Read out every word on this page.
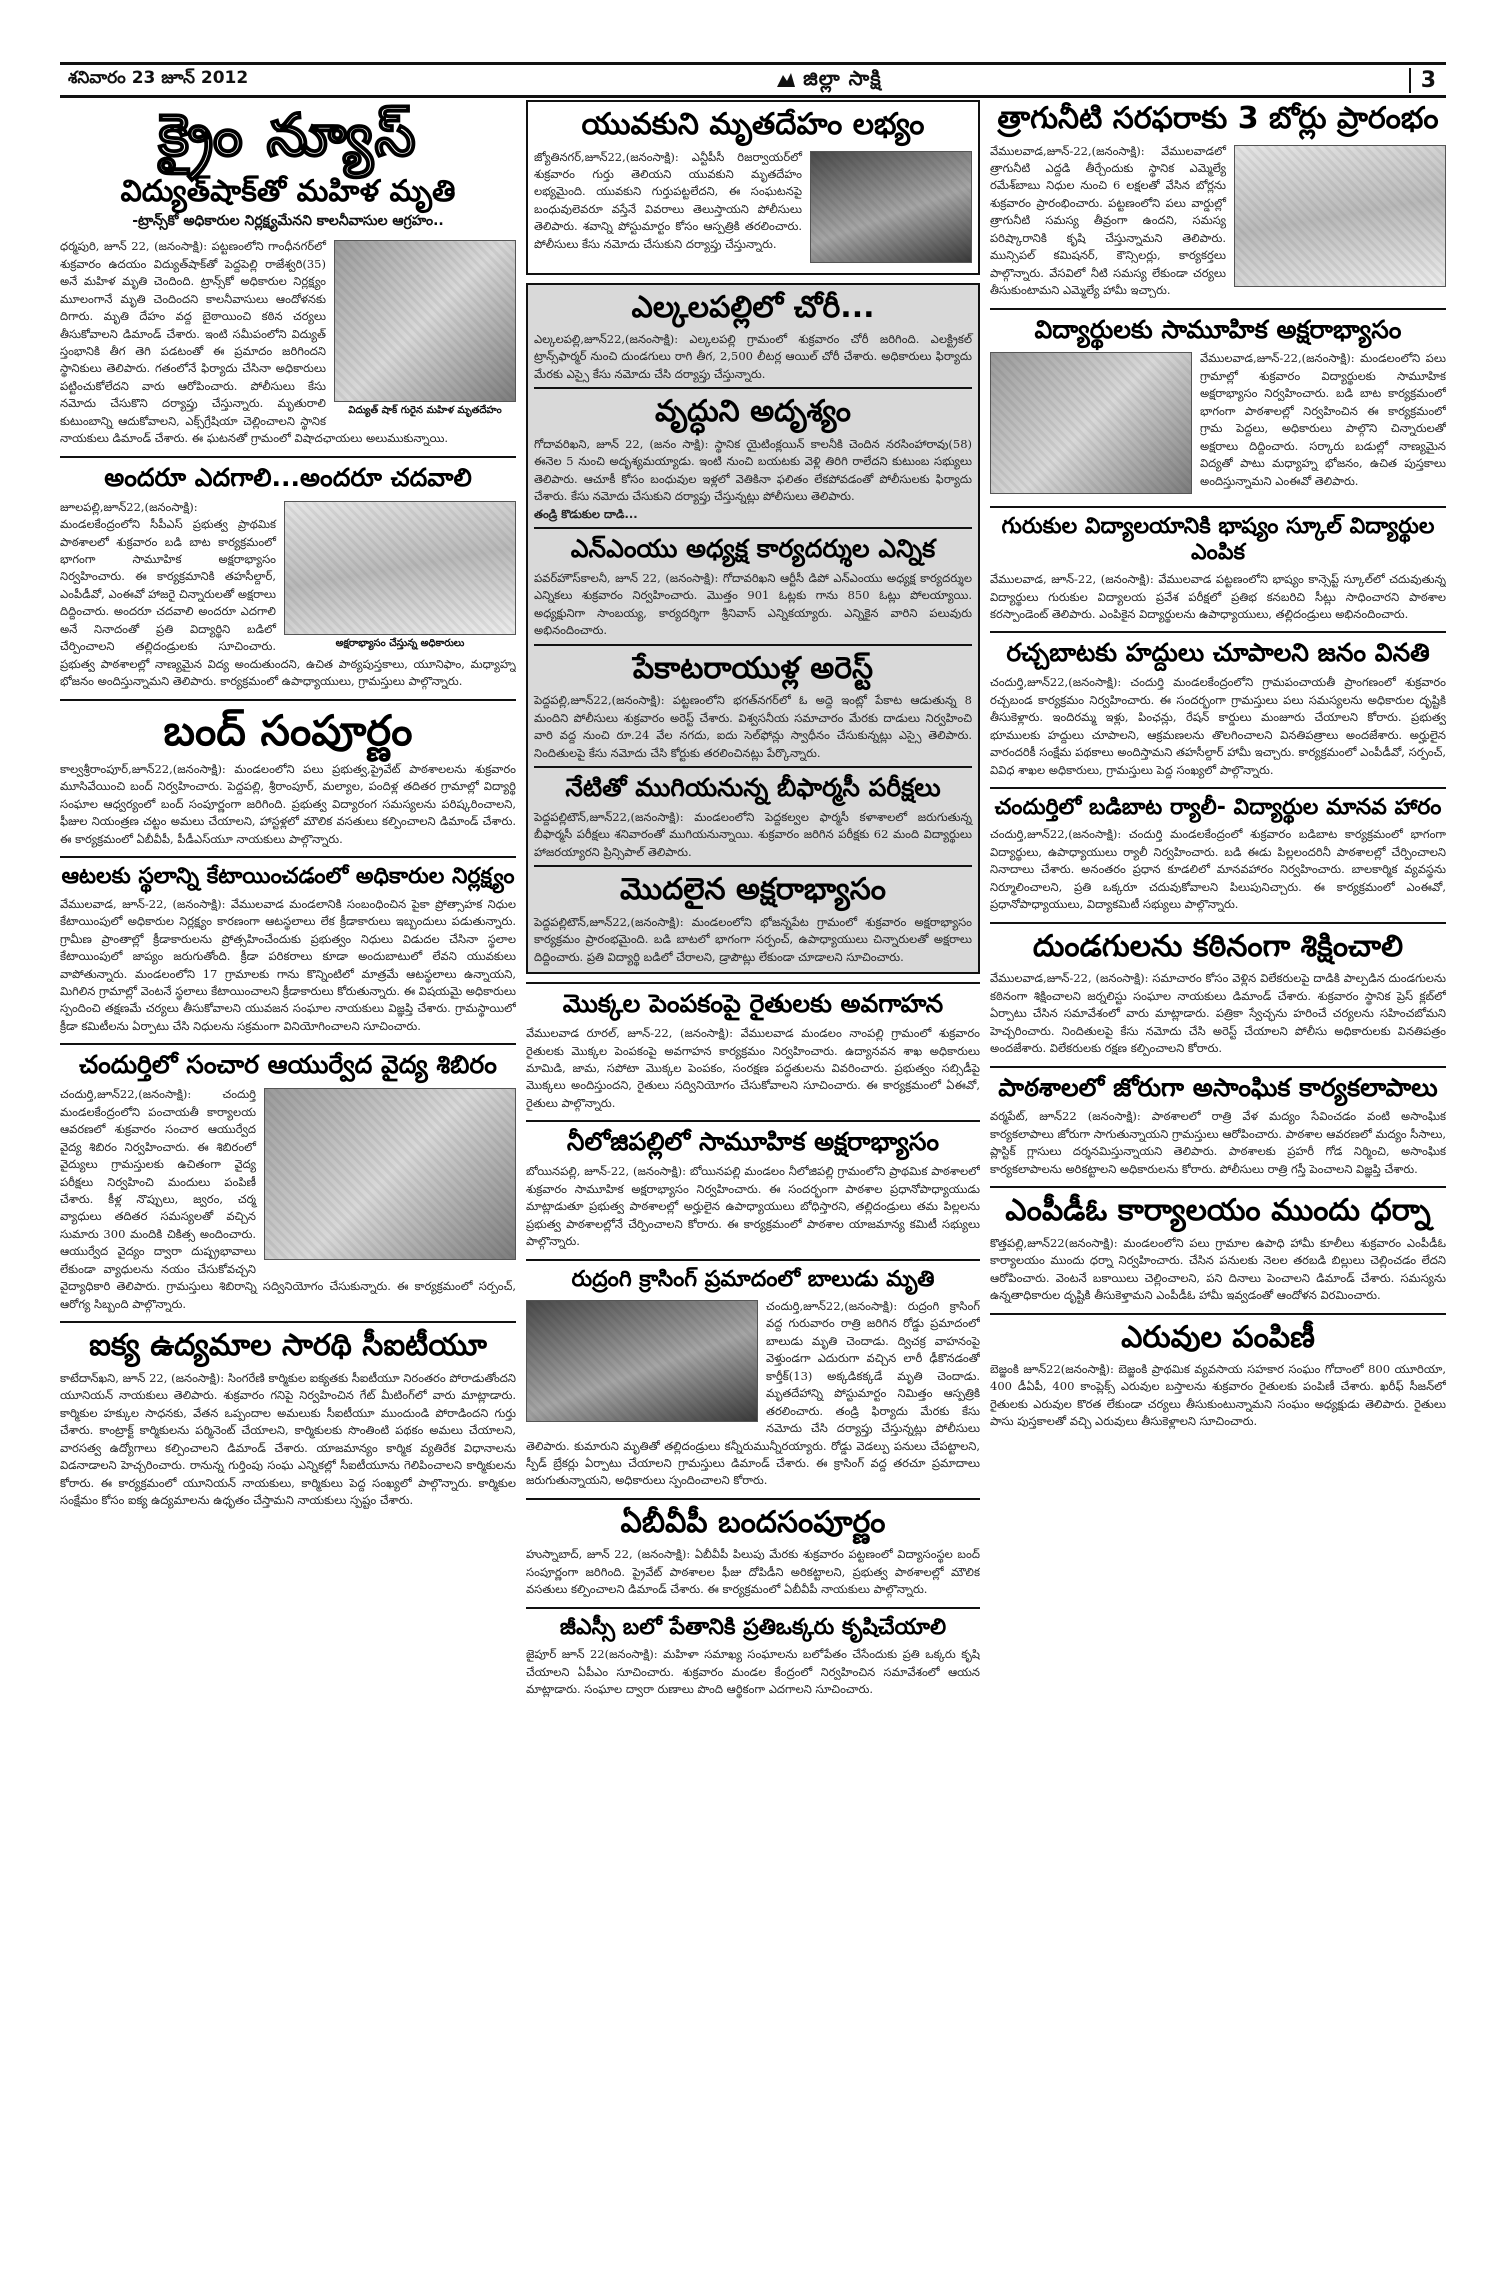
శనివారం 23 జూన్ 2012	జిల్లా సాక్షి	3
క్రైం న్యూస్
విద్యుత్‌షాక్‌తో మహిళ మృతి
-ట్రాన్స్‌కో అధికారుల నిర్లక్ష్యమేనని కాలనీవాసుల ఆగ్రహం..
విద్యుత్ షాక్ గురైన మహిళ మృతదేహం

ధర్మపురి, జూన్ 22, (జనంసాక్షి): పట్టణంలోని గాంధీనగర్‌లో శుక్రవారం ఉదయం విద్యుత్‌షాక్‌తో పెద్దపెల్లి రాజేశ్వరి(35) అనే మహిళ మృతి చెందింది. ట్రాన్స్‌కో అధికారుల నిర్లక్ష్యం మూలంగానే మృతి చెందిందని కాలనీవాసులు ఆందోళనకు దిగారు. మృతి దేహం వద్ద బైఠాయించి కఠిన చర్యలు తీసుకోవాలని డిమాండ్ చేశారు. ఇంటి సమీపంలోని విద్యుత్ స్తంభానికి తీగ తెగి పడటంతో ఈ ప్రమాదం జరిగిందని స్థానికులు తెలిపారు. గతంలోనే ఫిర్యాదు చేసినా అధికారులు పట్టించుకోలేదని వారు ఆరోపించారు. పోలీసులు కేసు నమోదు చేసుకొని దర్యాప్తు చేస్తున్నారు. మృతురాలి కుటుంబాన్ని ఆదుకోవాలని, ఎక్స్‌గ్రేషియా చెల్లించాలని స్థానిక నాయకులు డిమాండ్ చేశారు. ఈ ఘటనతో గ్రామంలో విషాదఛాయలు అలుముకున్నాయి.

అందరూ ఎదగాలి...అందరూ చదవాలి
అక్షరాభ్యాసం చేస్తున్న అధికారులు

జూలపల్లి,జూన్22,(జనంసాక్షి): మండలకేంద్రంలోని సీపీఎస్ ప్రభుత్వ ప్రాథమిక పాఠశాలలో శుక్రవారం బడి బాట కార్యక్రమంలో భాగంగా సామూహిక అక్షరాభ్యాసం నిర్వహించారు. ఈ కార్యక్రమానికి తహసీల్దార్, ఎంపీడీవో, ఎంఈవో హాజరై చిన్నారులతో అక్షరాలు దిద్దించారు. అందరూ చదవాలి అందరూ ఎదగాలి అనే నినాదంతో ప్రతి విద్యార్థిని బడిలో చేర్పించాలని తల్లిదండ్రులకు సూచించారు. ప్రభుత్వ పాఠశాలల్లో నాణ్యమైన విద్య అందుతుందని, ఉచిత పాఠ్యపుస్తకాలు, యూనిఫాం, మధ్యాహ్న భోజనం అందిస్తున్నామని తెలిపారు. కార్యక్రమంలో ఉపాధ్యాయులు, గ్రామస్తులు పాల్గొన్నారు.

బంద్ సంపూర్ణం

కాల్వశ్రీరాంపూర్,జూన్22,(జనంసాక్షి): మండలంలోని పలు ప్రభుత్వ,ప్రైవేట్ పాఠశాలలను శుక్రవారం మూసివేయించి బంద్ నిర్వహించారు. పెద్దపల్లి, శ్రీరాంపూర్, మల్యాల, పందిళ్ల తదితర గ్రామాల్లో విద్యార్థి సంఘాల ఆధ్వర్యంలో బంద్ సంపూర్ణంగా జరిగింది. ప్రభుత్వ విద్యారంగ సమస్యలను పరిష్కరించాలని, ఫీజుల నియంత్రణ చట్టం అమలు చేయాలని, హాస్టళ్లలో మౌలిక వసతులు కల్పించాలని డిమాండ్ చేశారు. ఈ కార్యక్రమంలో ఏబీవీపీ, పీడీఎస్‌యూ నాయకులు పాల్గొన్నారు.

ఆటలకు స్థలాన్ని కేటాయించడంలో అధికారుల నిర్లక్ష్యం

వేములవాడ, జూన్-22, (జనంసాక్షి): వేములవాడ మండలానికి సంబంధించిన పైకా ప్రోత్సాహక నిధుల కేటాయింపులో అధికారుల నిర్లక్ష్యం కారణంగా ఆటస్థలాలు లేక క్రీడాకారులు ఇబ్బందులు పడుతున్నారు. గ్రామీణ ప్రాంతాల్లో క్రీడాకారులను ప్రోత్సహించేందుకు ప్రభుత్వం నిధులు విడుదల చేసినా స్థలాల కేటాయింపులో జాప్యం జరుగుతోంది. క్రీడా పరికరాలు కూడా అందుబాటులో లేవని యువకులు వాపోతున్నారు. మండలంలోని 17 గ్రామాలకు గాను కొన్నింటిలో మాత్రమే ఆటస్థలాలు ఉన్నాయని, మిగిలిన గ్రామాల్లో వెంటనే స్థలాలు కేటాయించాలని క్రీడాకారులు కోరుతున్నారు. ఈ విషయమై అధికారులు స్పందించి తక్షణమే చర్యలు తీసుకోవాలని యువజన సంఘాల నాయకులు విజ్ఞప్తి చేశారు. గ్రామస్థాయిలో క్రీడా కమిటీలను ఏర్పాటు చేసి నిధులను సక్రమంగా వినియోగించాలని సూచించారు.

చందుర్తిలో సంచార ఆయుర్వేద వైద్య శిబిరం

చందుర్తి,జూన్22,(జనంసాక్షి): చందుర్తి మండలకేంద్రంలోని పంచాయతీ కార్యాలయ ఆవరణలో శుక్రవారం సంచార ఆయుర్వేద వైద్య శిబిరం నిర్వహించారు. ఈ శిబిరంలో వైద్యులు గ్రామస్తులకు ఉచితంగా వైద్య పరీక్షలు నిర్వహించి మందులు పంపిణీ చేశారు. కీళ్ల నొప్పులు, జ్వరం, చర్మ వ్యాధులు తదితర సమస్యలతో వచ్చిన సుమారు 300 మందికి చికిత్స అందించారు. ఆయుర్వేద వైద్యం ద్వారా దుష్ప్రభావాలు లేకుండా వ్యాధులను నయం చేసుకోవచ్చని వైద్యాధికారి తెలిపారు. గ్రామస్తులు శిబిరాన్ని సద్వినియోగం చేసుకున్నారు. ఈ కార్యక్రమంలో సర్పంచ్, ఆరోగ్య సిబ్బంది పాల్గొన్నారు.

ఐక్య ఉద్యమాల సారథి సీఐటీయూ

కాటేదాన్‌ఖని, జూన్ 22, (జనంసాక్షి): సింగరేణి కార్మికుల ఐక్యతకు సీఐటీయూ నిరంతరం పోరాడుతోందని యూనియన్ నాయకులు తెలిపారు. శుక్రవారం గనిపై నిర్వహించిన గేట్ మీటింగ్‌లో వారు మాట్లాడారు. కార్మికుల హక్కుల సాధనకు, వేతన ఒప్పందాల అమలుకు సీఐటీయూ ముందుండి పోరాడిందని గుర్తు చేశారు. కాంట్రాక్ట్ కార్మికులను పర్మినెంట్ చేయాలని, కార్మికులకు సొంతింటి పథకం అమలు చేయాలని, వారసత్వ ఉద్యోగాలు కల్పించాలని డిమాండ్ చేశారు. యాజమాన్యం కార్మిక వ్యతిరేక విధానాలను విడనాడాలని హెచ్చరించారు. రానున్న గుర్తింపు సంఘ ఎన్నికల్లో సీఐటీయూను గెలిపించాలని కార్మికులను కోరారు. ఈ కార్యక్రమంలో యూనియన్ నాయకులు, కార్మికులు పెద్ద సంఖ్యలో పాల్గొన్నారు. కార్మికుల సంక్షేమం కోసం ఐక్య ఉద్యమాలను ఉధృతం చేస్తామని నాయకులు స్పష్టం చేశారు.

యువకుని మృతదేహం లభ్యం

జ్యోతినగర్,జూన్22,(జనంసాక్షి): ఎన్టీపీసీ రిజర్వాయర్‌లో శుక్రవారం గుర్తు తెలియని యువకుని మృతదేహం లభ్యమైంది. యువకుని గుర్తుపట్టలేదని, ఈ సంఘటనపై బంధువులెవరూ వస్తేనే వివరాలు తెలుస్తాయని పోలీసులు తెలిపారు. శవాన్ని పోస్టుమార్టం కోసం ఆస్పత్రికి తరలించారు. పోలీసులు కేసు నమోదు చేసుకుని దర్యాప్తు చేస్తున్నారు.

ఎల్కలపల్లిలో చోరీ...

ఎల్కలపల్లి,జూన్22,(జనంసాక్షి): ఎల్కలపల్లి గ్రామంలో శుక్రవారం చోరీ జరిగింది. ఎలక్ట్రికల్ ట్రాన్స్‌ఫార్మర్ నుంచి దుండగులు రాగి తీగ, 2,500 లీటర్ల ఆయిల్ చోరీ చేశారు. అధికారులు ఫిర్యాదు మేరకు ఎస్సై కేసు నమోదు చేసి దర్యాప్తు చేస్తున్నారు.

వృద్ధుని అదృశ్యం

గోదావరిఖని, జూన్ 22, (జనం సాక్షి): స్థానిక యైటింక్లయిన్ కాలనీకి చెందిన నరసింహారావు(58) ఈనెల 5 నుంచి అదృశ్యమయ్యాడు. ఇంటి నుంచి బయటకు వెళ్లి తిరిగి రాలేదని కుటుంబ సభ్యులు తెలిపారు. ఆచూకీ కోసం బంధువుల ఇళ్లలో వెతికినా ఫలితం లేకపోవడంతో పోలీసులకు ఫిర్యాదు చేశారు. కేసు నమోదు చేసుకుని దర్యాప్తు చేస్తున్నట్లు పోలీసులు తెలిపారు.

తండ్రి కొడుకుల దాడి...

ఎన్ఎంయు అధ్యక్ష కార్యదర్శుల ఎన్నిక

పవర్‌హౌస్‌కాలనీ, జూన్ 22, (జనంసాక్షి): గోదావరిఖని ఆర్టీసీ డిపో ఎన్ఎంయు అధ్యక్ష కార్యదర్శుల ఎన్నికలు శుక్రవారం నిర్వహించారు. మొత్తం 901 ఓట్లకు గాను 850 ఓట్లు పోలయ్యాయి. అధ్యక్షునిగా సాంబయ్య, కార్యదర్శిగా శ్రీనివాస్ ఎన్నికయ్యారు. ఎన్నికైన వారిని పలువురు అభినందించారు.

పేకాటరాయుళ్ల అరెస్ట్

పెద్దపల్లి,జూన్22,(జనంసాక్షి): పట్టణంలోని భగత్‌నగర్‌లో ఓ అద్దె ఇంట్లో పేకాట ఆడుతున్న 8 మందిని పోలీసులు శుక్రవారం అరెస్ట్ చేశారు. విశ్వసనీయ సమాచారం మేరకు దాడులు నిర్వహించి వారి వద్ద నుంచి రూ.24 వేల నగదు, ఐదు సెల్‌ఫోన్లు స్వాధీనం చేసుకున్నట్లు ఎస్సై తెలిపారు. నిందితులపై కేసు నమోదు చేసి కోర్టుకు తరలించినట్లు పేర్కొన్నారు.

నేటితో ముగియనున్న బీఫార్మసీ పరీక్షలు

పెద్దపల్లిటౌన్,జూన్22,(జనంసాక్షి): మండలంలోని పెద్దకల్వల ఫార్మసీ కళాశాలలో జరుగుతున్న బీఫార్మసీ పరీక్షలు శనివారంతో ముగియనున్నాయి. శుక్రవారం జరిగిన పరీక్షకు 62 మంది విద్యార్థులు హాజరయ్యారని ప్రిన్సిపాల్ తెలిపారు.

మొదలైన అక్షరాభ్యాసం

పెద్దపల్లిటౌన్,జూన్22,(జనంసాక్షి): మండలంలోని భోజన్నపేట గ్రామంలో శుక్రవారం అక్షరాభ్యాసం కార్యక్రమం ప్రారంభమైంది. బడి బాటలో భాగంగా సర్పంచ్, ఉపాధ్యాయులు చిన్నారులతో అక్షరాలు దిద్దించారు. ప్రతి విద్యార్థి బడిలో చేరాలని, డ్రాపౌట్లు లేకుండా చూడాలని సూచించారు.

మొక్కల పెంపకంపై రైతులకు అవగాహన

వేములవాడ రూరల్, జూన్-22, (జనంసాక్షి): వేములవాడ మండలం నాంపల్లి గ్రామంలో శుక్రవారం రైతులకు మొక్కల పెంపకంపై అవగాహన కార్యక్రమం నిర్వహించారు. ఉద్యానవన శాఖ అధికారులు మామిడి, జామ, సపోటా మొక్కల పెంపకం, సంరక్షణ పద్ధతులను వివరించారు. ప్రభుత్వం సబ్సిడీపై మొక్కలు అందిస్తుందని, రైతులు సద్వినియోగం చేసుకోవాలని సూచించారు. ఈ కార్యక్రమంలో ఏఈవో, రైతులు పాల్గొన్నారు.

నీలోజిపల్లిలో సామూహిక అక్షరాభ్యాసం

బోయినపల్లి, జూన్-22, (జనంసాక్షి): బోయినపల్లి మండలం నీలోజిపల్లి గ్రామంలోని ప్రాథమిక పాఠశాలలో శుక్రవారం సామూహిక అక్షరాభ్యాసం నిర్వహించారు. ఈ సందర్భంగా పాఠశాల ప్రధానోపాధ్యాయుడు మాట్లాడుతూ ప్రభుత్వ పాఠశాలల్లో అర్హులైన ఉపాధ్యాయులు బోధిస్తారని, తల్లిదండ్రులు తమ పిల్లలను ప్రభుత్వ పాఠశాలల్లోనే చేర్పించాలని కోరారు. ఈ కార్యక్రమంలో పాఠశాల యాజమాన్య కమిటీ సభ్యులు పాల్గొన్నారు.

రుద్రంగి క్రాసింగ్ ప్రమాదంలో బాలుడు మృతి

చందుర్తి,జూన్22,(జనంసాక్షి): రుద్రంగి క్రాసింగ్ వద్ద గురువారం రాత్రి జరిగిన రోడ్డు ప్రమాదంలో బాలుడు మృతి చెందాడు. ద్విచక్ర వాహనంపై వెళ్తుండగా ఎదురుగా వచ్చిన లారీ ఢీకొనడంతో కార్తీక్(13) అక్కడికక్కడే మృతి చెందాడు. మృతదేహాన్ని పోస్టుమార్టం నిమిత్తం ఆస్పత్రికి తరలించారు. తండ్రి ఫిర్యాదు మేరకు కేసు నమోదు చేసి దర్యాప్తు చేస్తున్నట్లు పోలీసులు తెలిపారు. కుమారుని మృతితో తల్లిదండ్రులు కన్నీరుమున్నీరయ్యారు. రోడ్డు వెడల్పు పనులు చేపట్టాలని, స్పీడ్ బ్రేకర్లు ఏర్పాటు చేయాలని గ్రామస్తులు డిమాండ్ చేశారు. ఈ క్రాసింగ్ వద్ద తరచూ ప్రమాదాలు జరుగుతున్నాయని, అధికారులు స్పందించాలని కోరారు.

ఏబీవీపీ బందసంపూర్ణం

హుస్నాబాద్, జూన్ 22, (జనంసాక్షి): ఏబీవీపీ పిలుపు మేరకు శుక్రవారం పట్టణంలో విద్యాసంస్థల బంద్ సంపూర్ణంగా జరిగింది. ప్రైవేట్ పాఠశాలల ఫీజు దోపిడీని అరికట్టాలని, ప్రభుత్వ పాఠశాలల్లో మౌలిక వసతులు కల్పించాలని డిమాండ్ చేశారు. ఈ కార్యక్రమంలో ఏబీవీపీ నాయకులు పాల్గొన్నారు.

జీఎస్సీ బలో పేతానికి ప్రతిఒక్కరు కృషిచేయాలి

జైపూర్ జూన్ 22(జనంసాక్షి): మహిళా సమాఖ్య సంఘాలను బలోపేతం చేసేందుకు ప్రతి ఒక్కరు కృషి చేయాలని ఏపీఎం సూచించారు. శుక్రవారం మండల కేంద్రంలో నిర్వహించిన సమావేశంలో ఆయన మాట్లాడారు. సంఘాల ద్వారా రుణాలు పొంది ఆర్థికంగా ఎదగాలని సూచించారు.

త్రాగునీటి సరఫరాకు 3 బోర్లు ప్రారంభం

వేములవాడ,జూన్-22,(జనంసాక్షి): వేములవాడలో త్రాగునీటి ఎద్దడి తీర్చేందుకు స్థానిక ఎమ్మెల్యే రమేశ్‌బాబు నిధుల నుంచి 6 లక్షలతో వేసిన బోర్లను శుక్రవారం ప్రారంభించారు. పట్టణంలోని పలు వార్డుల్లో త్రాగునీటి సమస్య తీవ్రంగా ఉందని, సమస్య పరిష్కారానికి కృషి చేస్తున్నామని తెలిపారు. మున్సిపల్ కమిషనర్, కౌన్సిలర్లు, కార్యకర్తలు పాల్గొన్నారు. వేసవిలో నీటి సమస్య లేకుండా చర్యలు తీసుకుంటామని ఎమ్మెల్యే హామీ ఇచ్చారు.

విద్యార్థులకు సామూహిక అక్షరాభ్యాసం

వేములవాడ,జూన్-22,(జనంసాక్షి): మండలంలోని పలు గ్రామాల్లో శుక్రవారం విద్యార్థులకు సామూహిక అక్షరాభ్యాసం నిర్వహించారు. బడి బాట కార్యక్రమంలో భాగంగా పాఠశాలల్లో నిర్వహించిన ఈ కార్యక్రమంలో గ్రామ పెద్దలు, అధికారులు పాల్గొని చిన్నారులతో అక్షరాలు దిద్దించారు. సర్కారు బడుల్లో నాణ్యమైన విద్యతో పాటు మధ్యాహ్న భోజనం, ఉచిత పుస్తకాలు అందిస్తున్నామని ఎంఈవో తెలిపారు.

గురుకుల విద్యాలయానికి భాష్యం స్కూల్ విద్యార్థుల ఎంపిక

వేములవాడ, జూన్-22, (జనంసాక్షి): వేములవాడ పట్టణంలోని భాష్యం కాన్సెప్ట్ స్కూల్‌లో చదువుతున్న విద్యార్థులు గురుకుల విద్యాలయ ప్రవేశ పరీక్షలో ప్రతిభ కనబరిచి సీట్లు సాధించారని పాఠశాల కరస్పాండెంట్ తెలిపారు. ఎంపికైన విద్యార్థులను ఉపాధ్యాయులు, తల్లిదండ్రులు అభినందించారు.

రచ్చబాటకు హద్దులు చూపాలని జనం వినతి

చందుర్తి,జూన్22,(జనంసాక్షి): చందుర్తి మండలకేంద్రంలోని గ్రామపంచాయతీ ప్రాంగణంలో శుక్రవారం రచ్చబండ కార్యక్రమం నిర్వహించారు. ఈ సందర్భంగా గ్రామస్తులు పలు సమస్యలను అధికారుల దృష్టికి తీసుకెళ్లారు. ఇందిరమ్మ ఇళ్లు, పింఛన్లు, రేషన్ కార్డులు మంజూరు చేయాలని కోరారు. ప్రభుత్వ భూములకు హద్దులు చూపాలని, ఆక్రమణలను తొలగించాలని వినతిపత్రాలు అందజేశారు. అర్హులైన వారందరికీ సంక్షేమ పథకాలు అందిస్తామని తహసీల్దార్ హామీ ఇచ్చారు. కార్యక్రమంలో ఎంపీడీవో, సర్పంచ్, వివిధ శాఖల అధికారులు, గ్రామస్తులు పెద్ద సంఖ్యలో పాల్గొన్నారు.

చందుర్తిలో బడిబాట ర్యాలీ- విద్యార్థుల మానవ హారం

చందుర్తి,జూన్22,(జనంసాక్షి): చందుర్తి మండలకేంద్రంలో శుక్రవారం బడిబాట కార్యక్రమంలో భాగంగా విద్యార్థులు, ఉపాధ్యాయులు ర్యాలీ నిర్వహించారు. బడి ఈడు పిల్లలందరినీ పాఠశాలల్లో చేర్పించాలని నినాదాలు చేశారు. అనంతరం ప్రధాన కూడలిలో మానవహారం నిర్వహించారు. బాలకార్మిక వ్యవస్థను నిర్మూలించాలని, ప్రతి ఒక్కరూ చదువుకోవాలని పిలుపునిచ్చారు. ఈ కార్యక్రమంలో ఎంఈవో, ప్రధానోపాధ్యాయులు, విద్యాకమిటీ సభ్యులు పాల్గొన్నారు.

దుండగులను కఠినంగా శిక్షించాలి

వేములవాడ,జూన్-22, (జనంసాక్షి): సమాచారం కోసం వెళ్లిన విలేకరులపై దాడికి పాల్పడిన దుండగులను కఠినంగా శిక్షించాలని జర్నలిస్టు సంఘాల నాయకులు డిమాండ్ చేశారు. శుక్రవారం స్థానిక ప్రెస్ క్లబ్‌లో ఏర్పాటు చేసిన సమావేశంలో వారు మాట్లాడారు. పత్రికా స్వేచ్ఛను హరించే చర్యలను సహించబోమని హెచ్చరించారు. నిందితులపై కేసు నమోదు చేసి అరెస్ట్ చేయాలని పోలీసు అధికారులకు వినతిపత్రం అందజేశారు. విలేకరులకు రక్షణ కల్పించాలని కోరారు.

పాఠశాలలో జోరుగా అసాంఘిక కార్యకలాపాలు

వర్మపేట్, జూన్22 (జనంసాక్షి): పాఠశాలలో రాత్రి వేళ మద్యం సేవించడం వంటి అసాంఘిక కార్యకలాపాలు జోరుగా సాగుతున్నాయని గ్రామస్తులు ఆరోపించారు. పాఠశాల ఆవరణలో మద్యం సీసాలు, ప్లాస్టిక్ గ్లాసులు దర్శనమిస్తున్నాయని తెలిపారు. పాఠశాలకు ప్రహరీ గోడ నిర్మించి, అసాంఘిక కార్యకలాపాలను అరికట్టాలని అధికారులను కోరారు. పోలీసులు రాత్రి గస్తీ పెంచాలని విజ్ఞప్తి చేశారు.

ఎంపీడీఓ కార్యాలయం ముందు ధర్నా

కొత్తపల్లి,జూన్22(జనంసాక్షి): మండలంలోని పలు గ్రామాల ఉపాధి హామీ కూలీలు శుక్రవారం ఎంపీడీఓ కార్యాలయం ముందు ధర్నా నిర్వహించారు. చేసిన పనులకు నెలల తరబడి బిల్లులు చెల్లించడం లేదని ఆరోపించారు. వెంటనే బకాయిలు చెల్లించాలని, పని దినాలు పెంచాలని డిమాండ్ చేశారు. సమస్యను ఉన్నతాధికారుల దృష్టికి తీసుకెళ్తామని ఎంపీడీఓ హామీ ఇవ్వడంతో ఆందోళన విరమించారు.

ఎరువుల పంపిణీ

బెజ్జంకి జూన్22(జనంసాక్షి): బెజ్జంకి ప్రాథమిక వ్యవసాయ సహకార సంఘం గోదాంలో 800 యూరియా, 400 డీఏపీ, 400 కాంప్లెక్స్ ఎరువుల బస్తాలను శుక్రవారం రైతులకు పంపిణీ చేశారు. ఖరీఫ్ సీజన్‌లో రైతులకు ఎరువుల కొరత లేకుండా చర్యలు తీసుకుంటున్నామని సంఘం అధ్యక్షుడు తెలిపారు. రైతులు పాసు పుస్తకాలతో వచ్చి ఎరువులు తీసుకెళ్లాలని సూచించారు.
